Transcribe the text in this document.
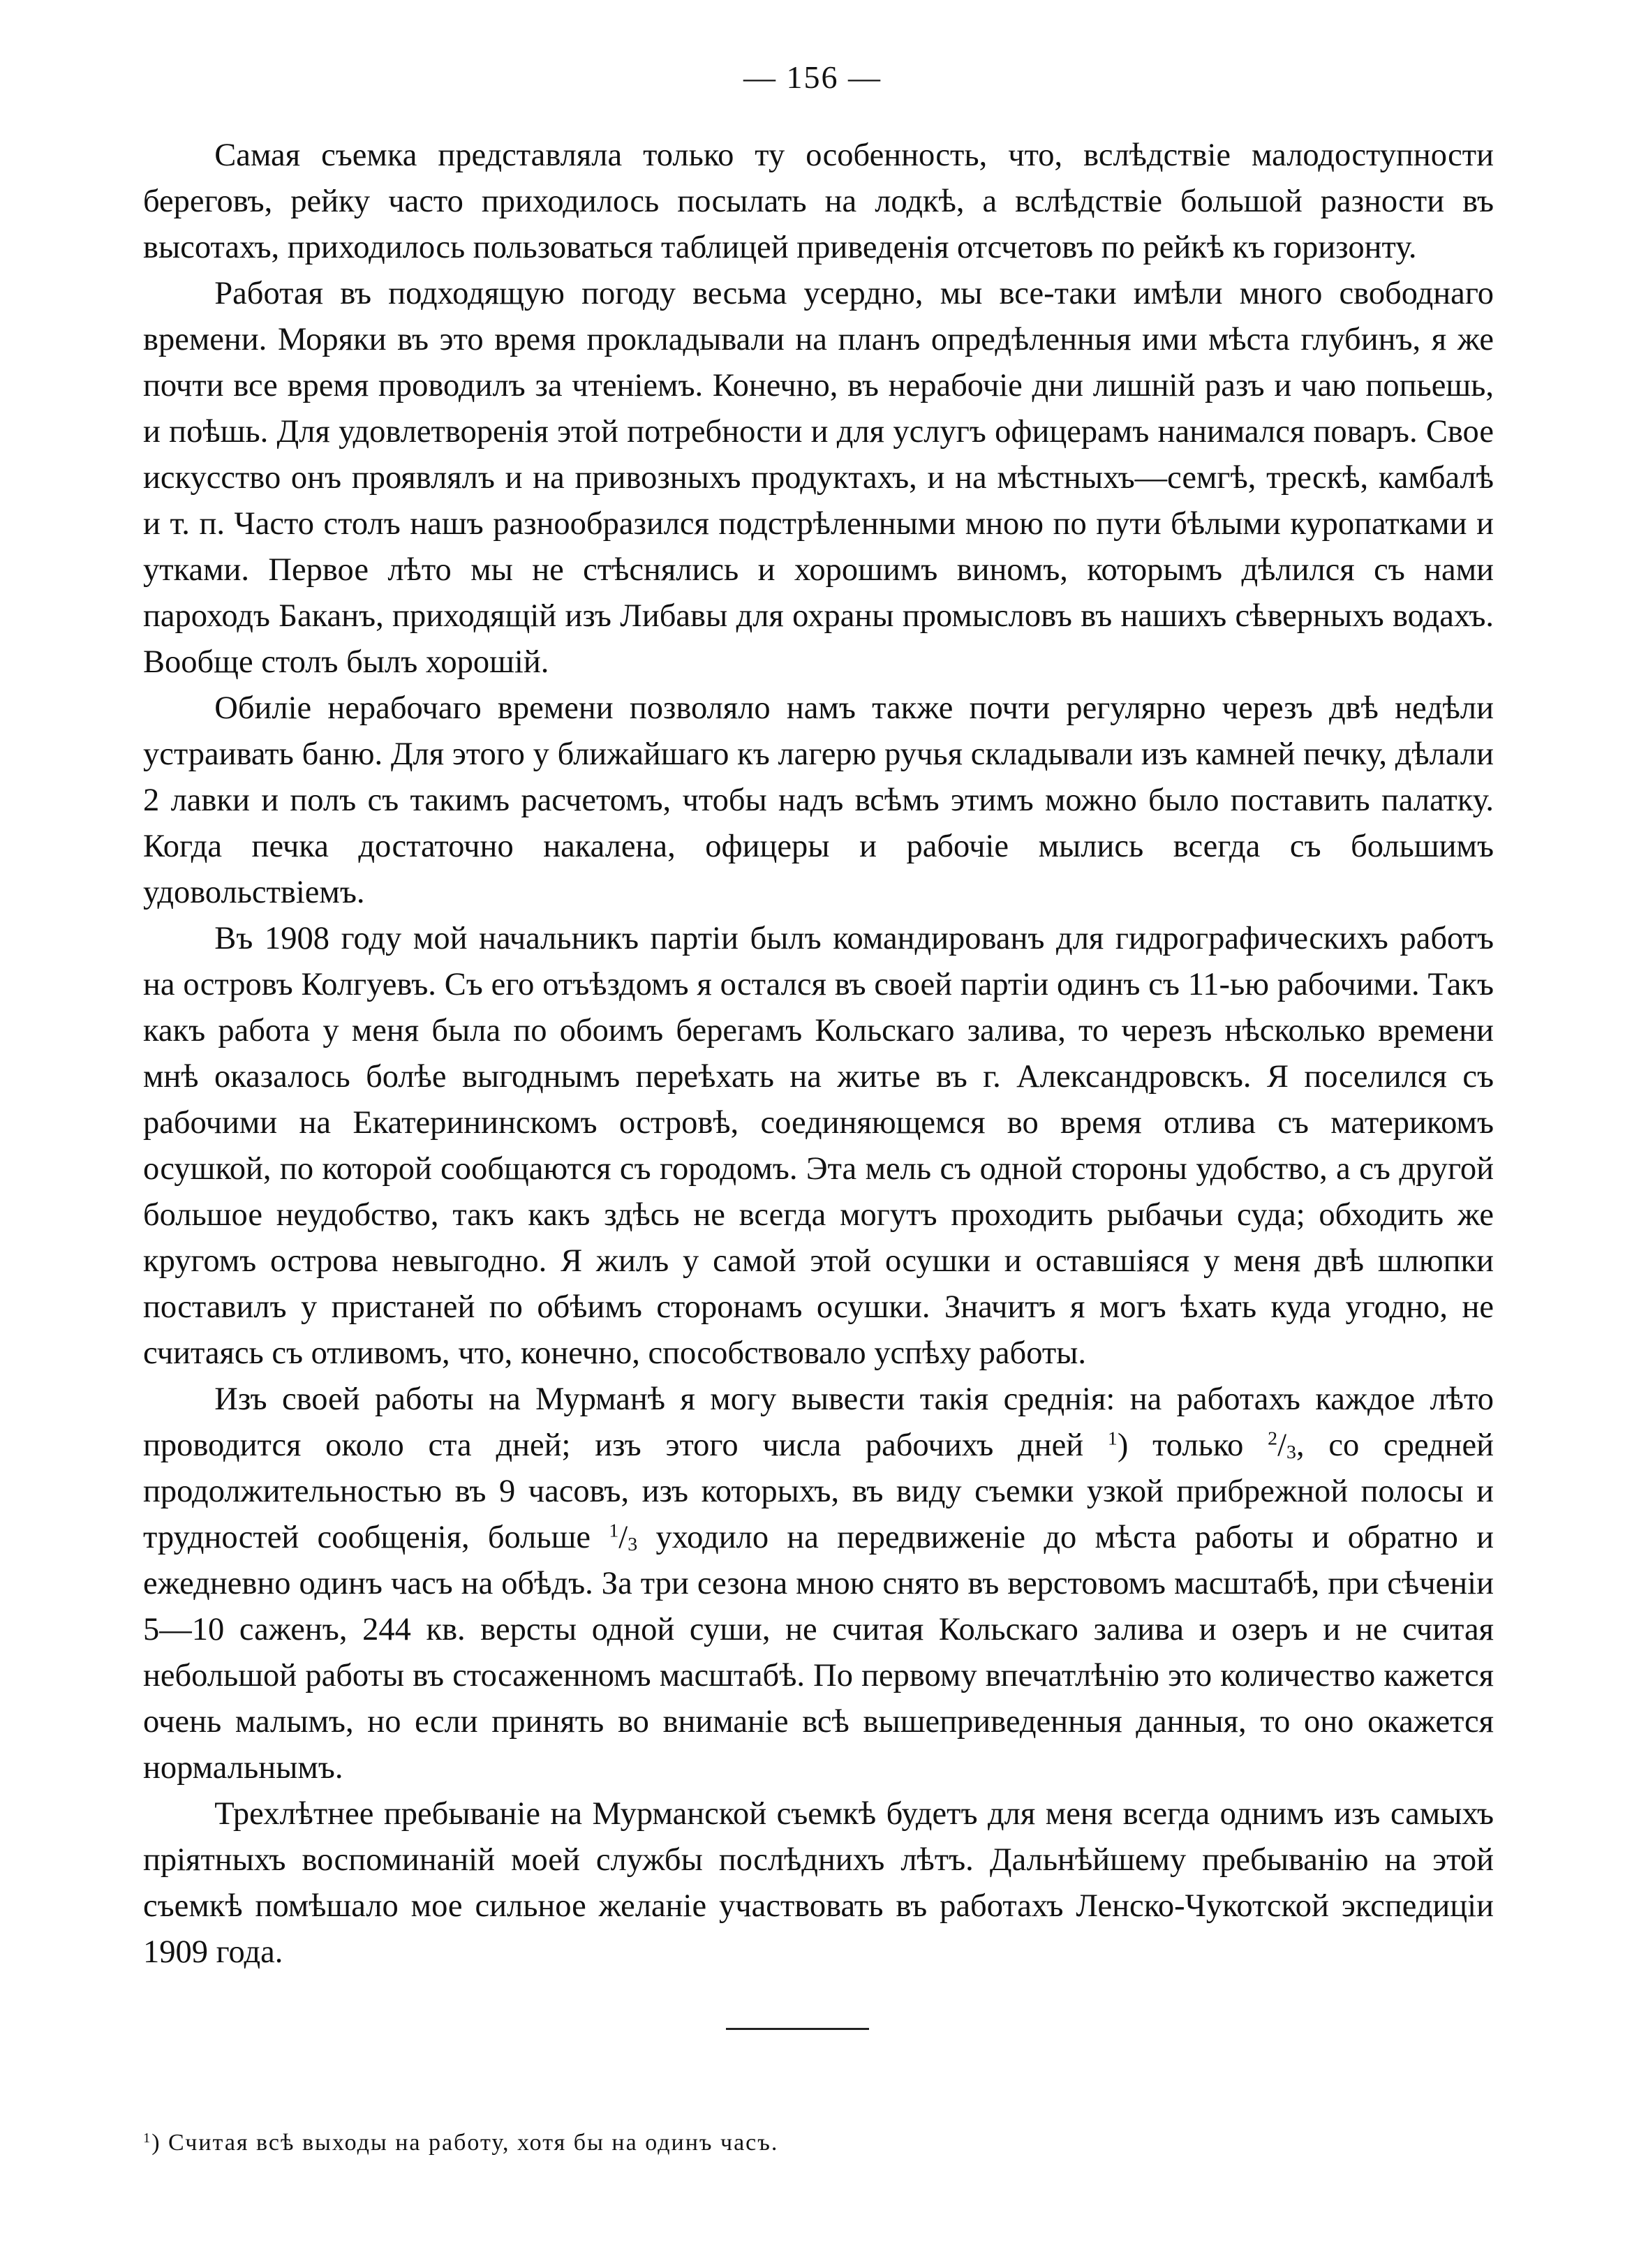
— 156 —

Самая съемка представляла только ту особенность, что, вслѣдствіе малодоступности береговъ, рейку часто приходилось посылать на лодкѣ, а вслѣдствіе большой разности въ высотахъ, приходилось пользоваться таблицей приведенія отсчетовъ по рейкѣ къ горизонту.

Работая въ подходящую погоду весьма усердно, мы все-таки имѣли много свободнаго времени. Моряки въ это время прокладывали на планъ опредѣленныя ими мѣста глубинъ, я же почти все время проводилъ за чтеніемъ. Конечно, въ нерабочіе дни лишній разъ и чаю попьешь, и поѣшь. Для удовлетворенія этой потребности и для услугъ офицерамъ нанимался поваръ. Свое искусство онъ проявлялъ и на привозныхъ продуктахъ, и на мѣстныхъ—семгѣ, трескѣ, камбалѣ и т. п. Часто столъ нашъ разнообразился подстрѣленными мною по пути бѣлыми куропатками и утками. Первое лѣто мы не стѣснялись и хорошимъ виномъ, которымъ дѣлился съ нами пароходъ Баканъ, приходящій изъ Либавы для охраны промысловъ въ нашихъ сѣверныхъ водахъ. Вообще столъ былъ хорошій.

Обиліе нерабочаго времени позволяло намъ также почти регулярно черезъ двѣ недѣли устраивать баню. Для этого у ближайшаго къ лагерю ручья складывали изъ камней печку, дѣлали 2 лавки и полъ съ такимъ расчетомъ, чтобы надъ всѣмъ этимъ можно было поставить палатку. Когда печка достаточно накалена, офицеры и рабочіе мылись всегда съ большимъ удовольствіемъ.

Въ 1908 году мой начальникъ партіи былъ командированъ для гидрографическихъ работъ на островъ Колгуевъ. Съ его отъѣздомъ я остался въ своей партіи одинъ съ 11-ью рабочими. Такъ какъ работа у меня была по обоимъ берегамъ Кольскаго залива, то черезъ нѣсколько времени мнѣ оказалось болѣе выгоднымъ переѣхать на житье въ г. Александровскъ. Я поселился съ рабочими на Екатерининскомъ островѣ, соединяющемся во время отлива съ материкомъ осушкой, по которой сообщаются съ городомъ. Эта мель съ одной стороны удобство, а съ другой большое неудобство, такъ какъ здѣсь не всегда могутъ проходить рыбачьи суда; обходить же кругомъ острова невыгодно. Я жилъ у самой этой осушки и оставшіяся у меня двѣ шлюпки поставилъ у пристаней по обѣимъ сторонамъ осушки. Значитъ я могъ ѣхать куда угодно, не считаясь съ отливомъ, что, конечно, способствовало успѣху работы.

Изъ своей работы на Мурманѣ я могу вывести такія среднія: на работахъ каждое лѣто проводится около ста дней; изъ этого числа рабочихъ дней $^1$) только $^2$/3, со средней продолжительностью въ 9 часовъ, изъ которыхъ, въ виду съемки узкой прибрежной полосы и трудностей сообщенія, больше $^1$/3 уходило на передвиженіе до мѣста работы и обратно и ежедневно одинъ часъ на обѣдъ. За три сезона мною снято въ верстовомъ масштабѣ, при сѣченіи 5—10 саженъ, 244 кв. версты одной суши, не считая Кольскаго залива и озеръ и не считая небольшой работы въ стосаженномъ масштабѣ. По первому впечатлѣнію это количество кажется очень малымъ, но если принять во вниманіе всѣ вышеприведенныя данныя, то оно окажется нормальнымъ.

Трехлѣтнее пребываніе на Мурманской съемкѣ будетъ для меня всегда однимъ изъ самыхъ пріятныхъ воспоминаній моей службы послѣднихъ лѣтъ. Дальнѣйшему пребыванію на этой съемкѣ помѣшало мое сильное желаніе участвовать въ работахъ Ленско-Чукотской экспедиціи 1909 года.

$^1$) Считая всѣ выходы на работу, хотя бы на одинъ часъ.
